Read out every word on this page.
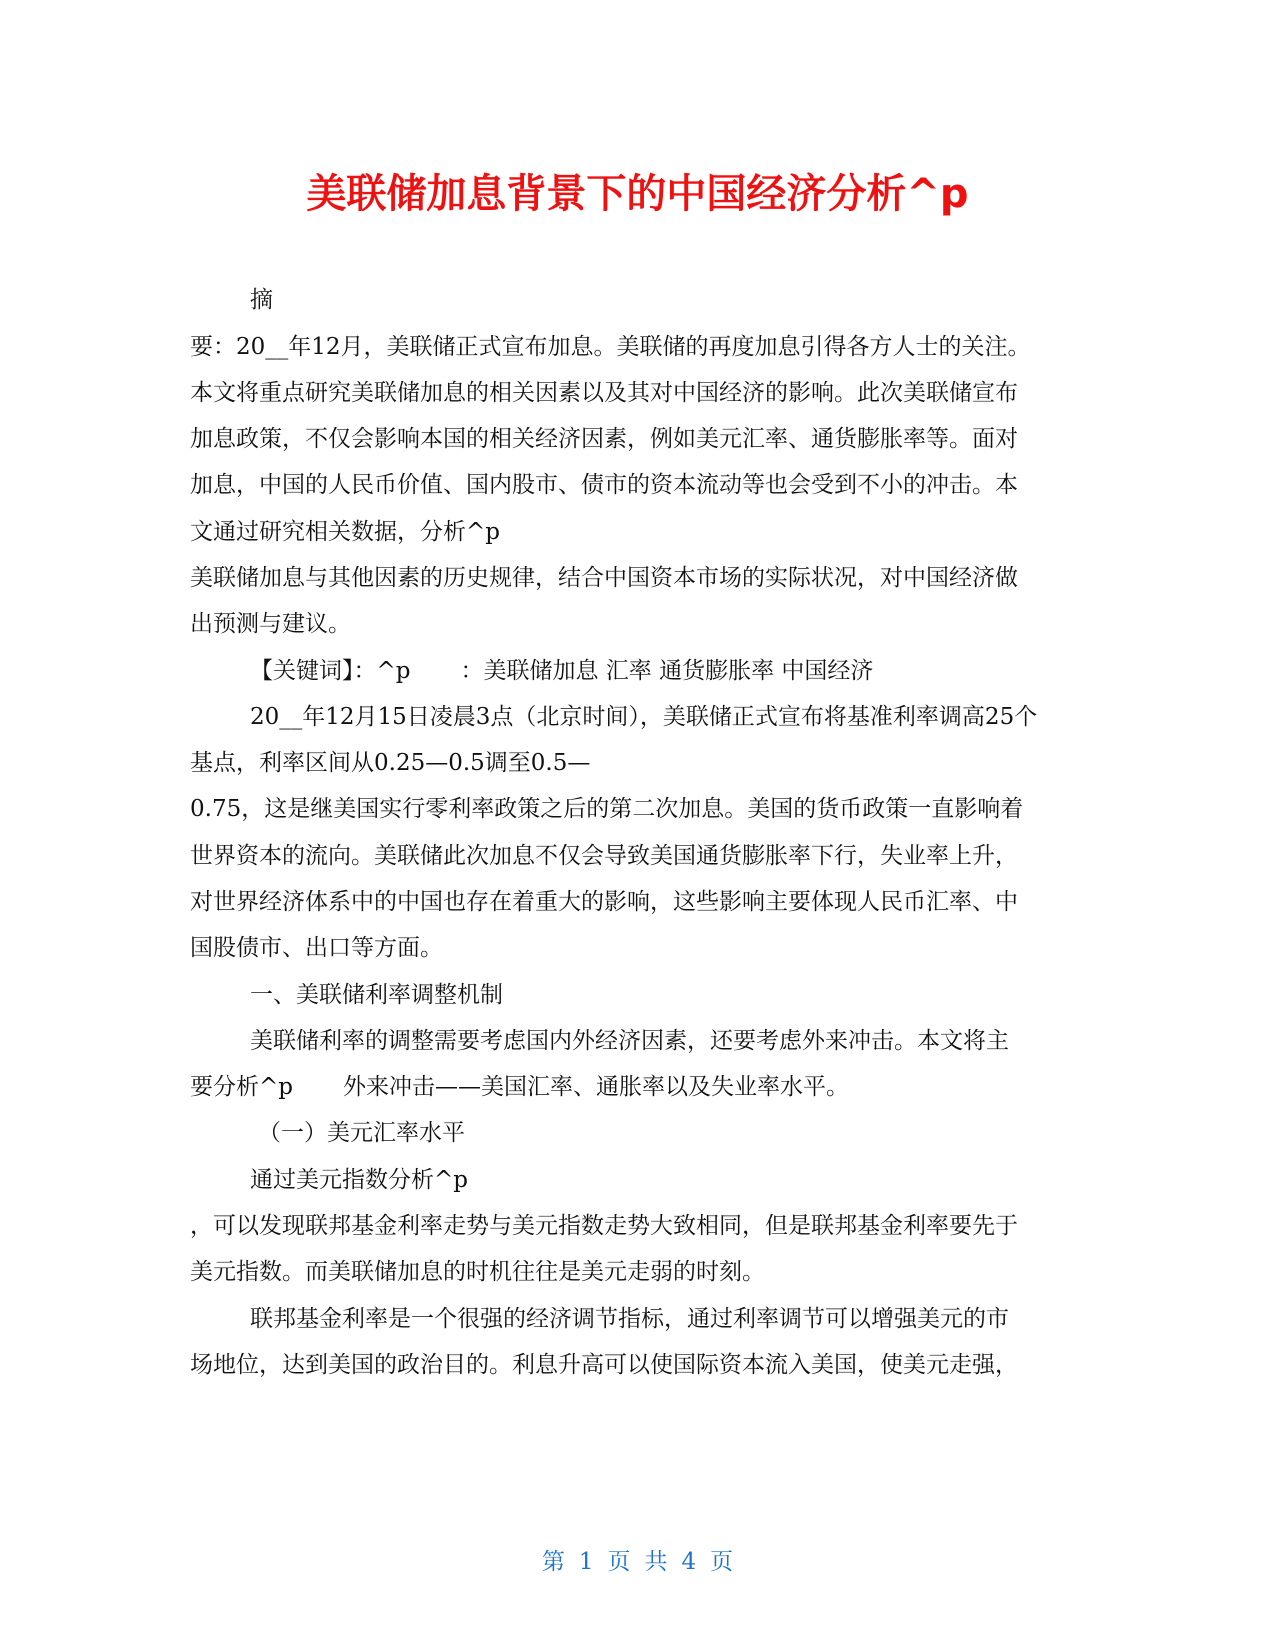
美联储加息背景下的中国经济分析^p
摘
要：20__年12月，美联储正式宣布加息。美联储的再度加息引得各方人士的关注。
本文将重点研究美联储加息的相关因素以及其对中国经济的影响。此次美联储宣布
加息政策，不仅会影响本国的相关经济因素，例如美元汇率、通货膨胀率等。面对
加息，中国的人民币价值、国内股市、债市的资本流动等也会受到不小的冲击。本
文通过研究相关数据，分析^p
美联储加息与其他因素的历史规律，结合中国资本市场的实际状况，对中国经济做
出预测与建议。
【关键词】：^p ：美联储加息 汇率 通货膨胀率 中国经济
20__年12月15日凌晨3点（北京时间），美联储正式宣布将基准利率调高25个
基点，利率区间从0.25—0.5调至0.5—
0.75，这是继美国实行零利率政策之后的第二次加息。美国的货币政策一直影响着
世界资本的流向。美联储此次加息不仅会导致美国通货膨胀率下行，失业率上升，
对世界经济体系中的中国也存在着重大的影响，这些影响主要体现人民币汇率、中
国股债市、出口等方面。
一、美联储利率调整机制
美联储利率的调整需要考虑国内外经济因素，还要考虑外来冲击。本文将主
要分析^p 外来冲击——美国汇率、通胀率以及失业率水平。
（一）美元汇率水平
通过美元指数分析^p
，可以发现联邦基金利率走势与美元指数走势大致相同，但是联邦基金利率要先于
美元指数。而美联储加息的时机往往是美元走弱的时刻。
联邦基金利率是一个很强的经济调节指标，通过利率调节可以增强美元的市
场地位，达到美国的政治目的。利息升高可以使国际资本流入美国，使美元走强，
第 1 页 共 4 页
